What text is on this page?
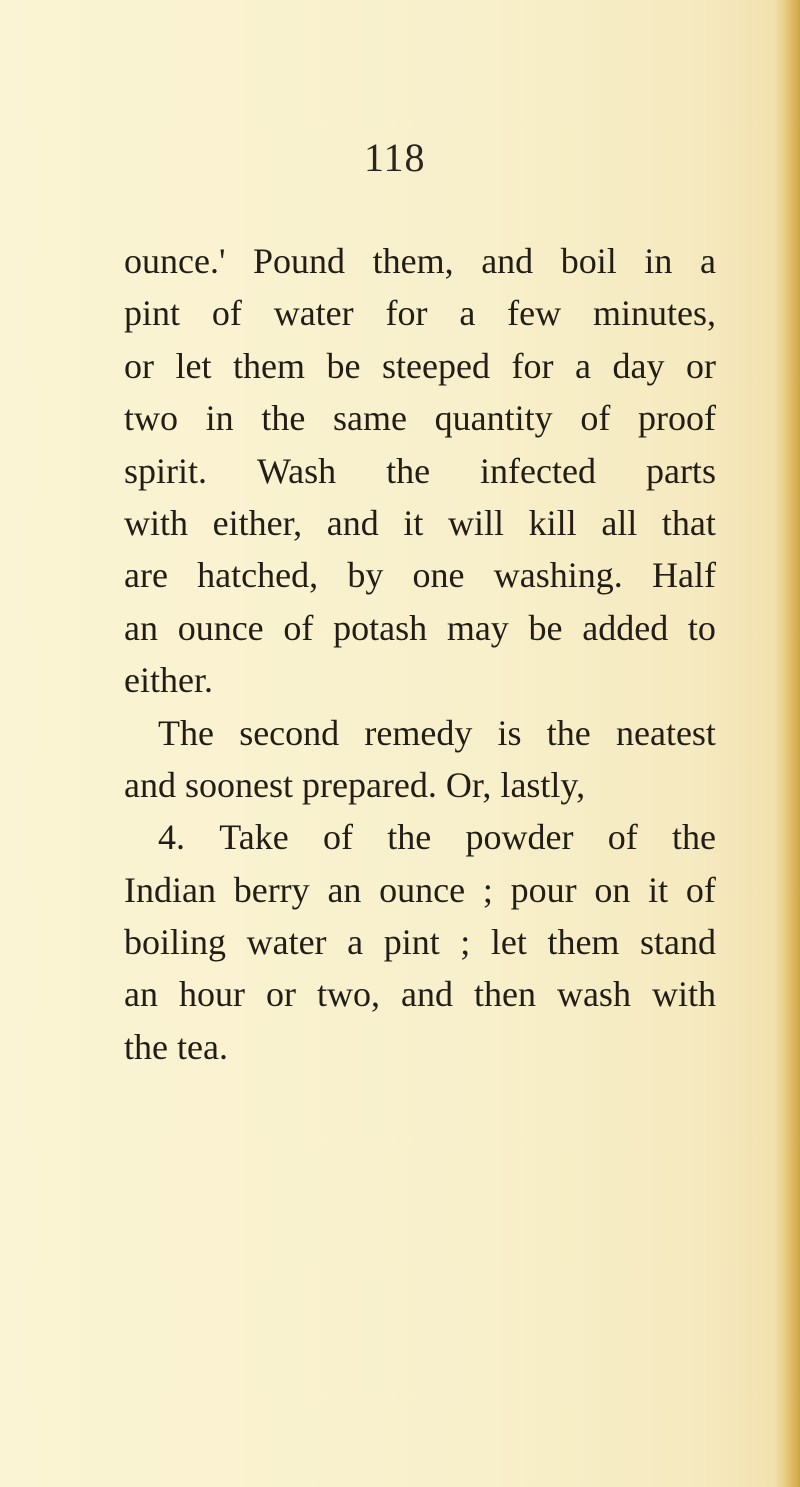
118
ounce.' Pound them, and boil in a
pint of water for a few minutes,
or let them be steeped for a day or
two in the same quantity of proof
spirit. Wash the infected parts
with either, and it will kill all that
are hatched, by one washing. Half
an ounce of potash may be added to
either.
The second remedy is the neatest
and soonest prepared. Or, lastly,
4. Take of the powder of the
Indian berry an ounce ; pour on it of
boiling water a pint ; let them stand
an hour or two, and then wash with
the tea.
